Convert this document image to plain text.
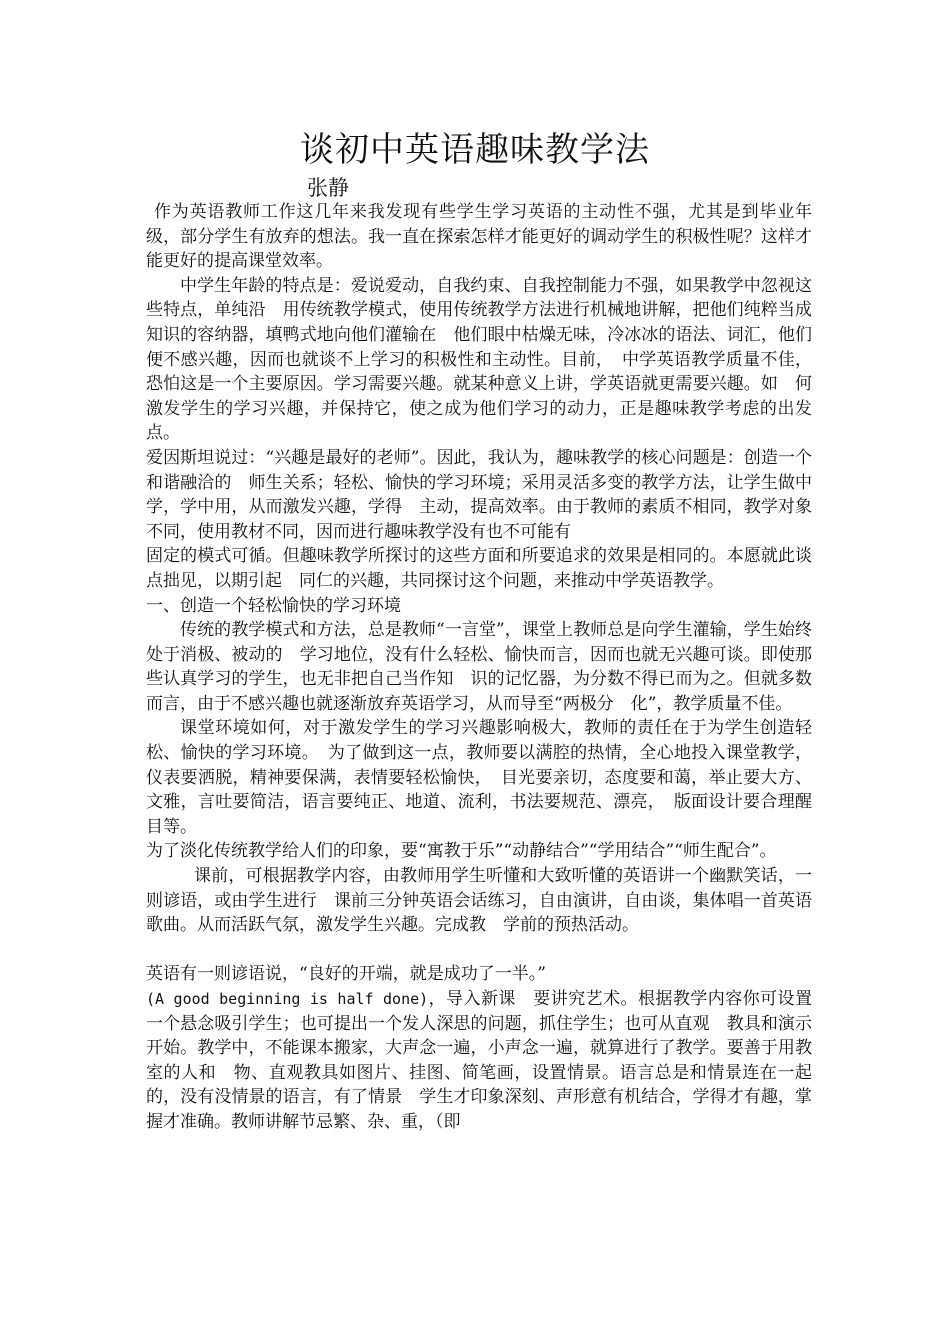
谈初中英语趣味教学法
张静

作为英语教师工作这几年来我发现有些学生学习英语的主动性不强，尤其是到毕业年级，部分学生有放弃的想法。我一直在探索怎样才能更好的调动学生的积极性呢？这样才能更好的提高课堂效率。

中学生年龄的特点是：爱说爱动，自我约束、自我控制能力不强，如果教学中忽视这些特点，单纯沿　用传统教学模式，使用传统教学方法进行机械地讲解，把他们纯粹当成知识的容纳器，填鸭式地向他们灌输在　他们眼中枯燥无味，冷冰冰的语法、词汇，他们便不感兴趣，因而也就谈不上学习的积极性和主动性。目前，　中学英语教学质量不佳，恐怕这是一个主要原因。学习需要兴趣。就某种意义上讲，学英语就更需要兴趣。如　何激发学生的学习兴趣，并保持它，使之成为他们学习的动力，正是趣味教学考虑的出发点。

爱因斯坦说过：“兴趣是最好的老师”。因此，我认为，趣味教学的核心问题是：创造一个和谐融洽的　师生关系；轻松、愉快的学习环境；采用灵活多变的教学方法，让学生做中学，学中用，从而激发兴趣，学得　主动，提高效率。由于教师的素质不相同，教学对象不同，使用教材不同，因而进行趣味教学没有也不可能有

固定的模式可循。但趣味教学所探讨的这些方面和所要追求的效果是相同的。本愿就此谈点拙见，以期引起　同仁的兴趣，共同探讨这个问题，来推动中学英语教学。

一、创造一个轻松愉快的学习环境

传统的教学模式和方法，总是教师“一言堂”，课堂上教师总是向学生灌输，学生始终处于消极、被动的　学习地位，没有什么轻松、愉快而言，因而也就无兴趣可谈。即使那些认真学习的学生，也无非把自己当作知　识的记忆器，为分数不得已而为之。但就多数而言，由于不感兴趣也就逐渐放弃英语学习，从而导至“两极分　化”，教学质量不佳。

课堂环境如何，对于激发学生的学习兴趣影响极大，教师的责任在于为学生创造轻松、愉快的学习环境。　为了做到这一点，教师要以满腔的热情，全心地投入课堂教学，仪表要洒脱，精神要保满，表情要轻松愉快，　目光要亲切，态度要和蔼，举止要大方、文雅，言吐要简洁，语言要纯正、地道、流利，书法要规范、漂亮，　版面设计要合理醒目等。

为了淡化传统教学给人们的印象，要“寓教于乐”“动静结合”“学用结合”“师生配合”。

课前，可根据教学内容，由教师用学生听懂和大致听懂的英语讲一个幽默笑话，一则谚语，或由学生进行　课前三分钟英语会话练习，自由演讲，自由谈，集体唱一首英语歌曲。从而活跃气氛，激发学生兴趣。完成教　学前的预热活动。

英语有一则谚语说，“良好的开端，就是成功了一半。”

(A good beginning is half done)，导入新课　要讲究艺术。根据教学内容你可设置一个悬念吸引学生；也可提出一个发人深思的问题，抓住学生；也可从直观　教具和演示开始。教学中，不能课本搬家，大声念一遍，小声念一遍，就算进行了教学。要善于用教室的人和　物、直观教具如图片、挂图、简笔画，设置情景。语言总是和情景连在一起的，没有没情景的语言，有了情景　学生才印象深刻、声形意有机结合，学得才有趣，掌握才准确。教师讲解节忌繁、杂、重，（即
